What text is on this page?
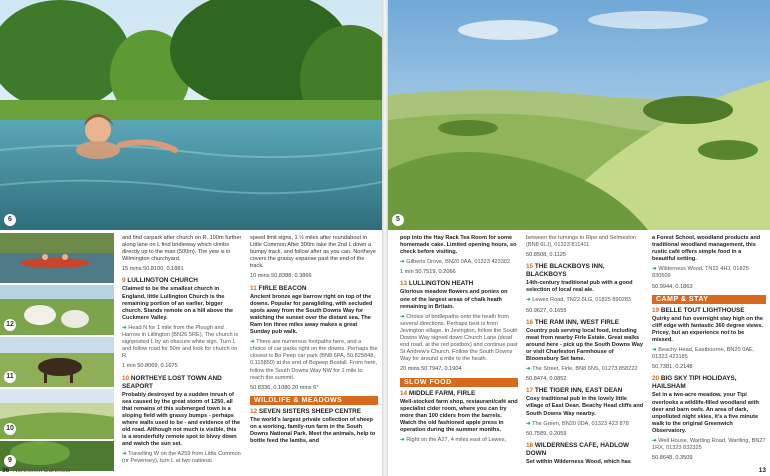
6
12
11
10
9

and find carpark after church on R. 100m further along lane on L find bridleway which climbs directly up to the man (500m). The yew is in Wilmington churchyard.

15 mins 50.8100, 0.1881
9 LULLINGTON CHURCH

Claimed to be the smallest church in England, little Lullington Church is the remaining portion of an earlier, bigger church. Stands remote on a hill above the Cuckmere Valley.

➜ Head N for 1 mile from the Plough and Harrow in Litlington (BN26 5RE). The church is signposted L by an obscure white sign. Turn L and follow road for 50m and look for church on R.

1 min 50.8069, 0.1675
10 NORTHEYE LOST TOWN AND SEAPORT

Probably destroyed by a sudden inrush of sea caused by the great storm of 1250, all that remains of this submerged town is a sloping field with grassy bumps - perhaps where walls used to be - and evidence of the old road. Although not much is visible, this is a wonderfully remote spot to bivvy down and watch the sun set.

➜ Travelling W on the A259 from Little Common (nr Pevensey), turn L at two national

speed limit signs, 1 ½ miles after roundabout in Little Common After 300m take the 2nd L down a bumpy track, and follow after as you can. Northeye covers the grassy expanse past the end of the track.

10 mins 50.8388, 0.3866
11 FIRLE BEACON

Ancient bronze age barrow right on top of the downs. Popular for paragliding, with secluded spots away from the South Downs Way for watching the sunset over the distant sea. The Ram Inn three miles away makes a great Sunday pub walk.

➜ There are numerous footpaths here, and a choice of car parks right on the downs. Perhaps the closest is Bo Peep car park (BN8 6PA, 50.825848, 0.115850) at the end of Bopeep Bostall. From here, follow the South Downs Way NW for 1 mile to reach the summit.

50.8336, 0.1080 20 mins 6°
WILDLIFE & MEADOWS
12 SEVEN SISTERS SHEEP CENTRE

The world's largest private collection of sheep on a working, family-run farm in the South Downs National Park. Meet the animals, help to bottle feed the lambs, and

36 Northwest Dartmoor
5

pop into the Hay Rack Tea Room for some homemade cake. Limited opening hours, so check before visiting.

➜ Gilberts Drove, BN20 0AA, 01323 423302

1 min 50.7519, 0.2066
13 LULLINGTON HEATH

Glorious meadow flowers and ponies on one of the largest areas of chalk heath remaining in Britain.

➜ Choice of bridlepaths onto the heath from several directions. Perhaps best is from Jevington village. In Jevington, follow the South Downs Way signed down Church Lane (dead end road, at the red postbox) and continue past St Andrew's Church. Follow the South Downs Way for around a mile to the heath.

20 mins 50.7947, 0.1904
SLOW FOOD
14 MIDDLE FARM, FIRLE

Well-stocked farm shop, restaurant/café and specialist cider room, where you can try more than 100 ciders from the barrels. Watch the old fashioned apple press in operation during the summer months.

➜ Right on the A27, 4 miles east of Lewes,

between the turnings to Ripe and Selmeston (BN8 6LJ), 01323 811411

50.8508, 0.1125
15 THE BLACKBOYS INN, BLACKBOYS

14th-century traditional pub with a good selection of local real ale.

➜ Lewes Road, TN22 5LG, 01825 890283

50.9627, 0.1655
16 THE RAM INN, WEST FIRLE

Country pub serving local food, including meat from nearby Firle Estate. Great walks around here - pick up the South Downs Way or visit Charleston Farmhouse of Bloomsbury Set fame.

➜ The Street, Firle, BN8 6NS, 01273 858222

50.8474, 0.0852
17 THE TIGER INN, EAST DEAN

Cosy traditional pub in the lovely little village of East Dean. Beachy Head cliffs and South Downs Way nearby.

➜ The Green, BN20 0DA, 01323 423 878

50.7589, 0.2059
18 WILDERNESS CAFE, HADLOW DOWN

Set within Wilderness Wood, which has

a Forest School, woodland products and traditional woodland management, this rustic café offers simple food in a beautiful setting.

➜ Wilderness Wood, TN22 4HJ, 01825 830509

50.9944, 0.1863
CAMP & STAY
19 BELLE TOUT LIGHTHOUSE

Quirky and fun overnight stay high on the cliff edge with fantastic 360 degree views. Pricey, but an experience not to be missed.

➜ Beachy Head, Eastbourne, BN20 0AE, 01323 423185

50.7381, 0.2148
20 BIG SKY TIPI HOLIDAYS, HAILSHAM

Set in a two-acre meadow, your Tipi overlooks a wildlife-filled woodland with deer and barn owls. An area of dark, unpolluted night skies, it's a five minute walk to the original Greenwich Observatory.

➜ Well House, Wartling Road, Wartling, BN27 1RX, 01323 832325

50.8648, 0.3509
13
